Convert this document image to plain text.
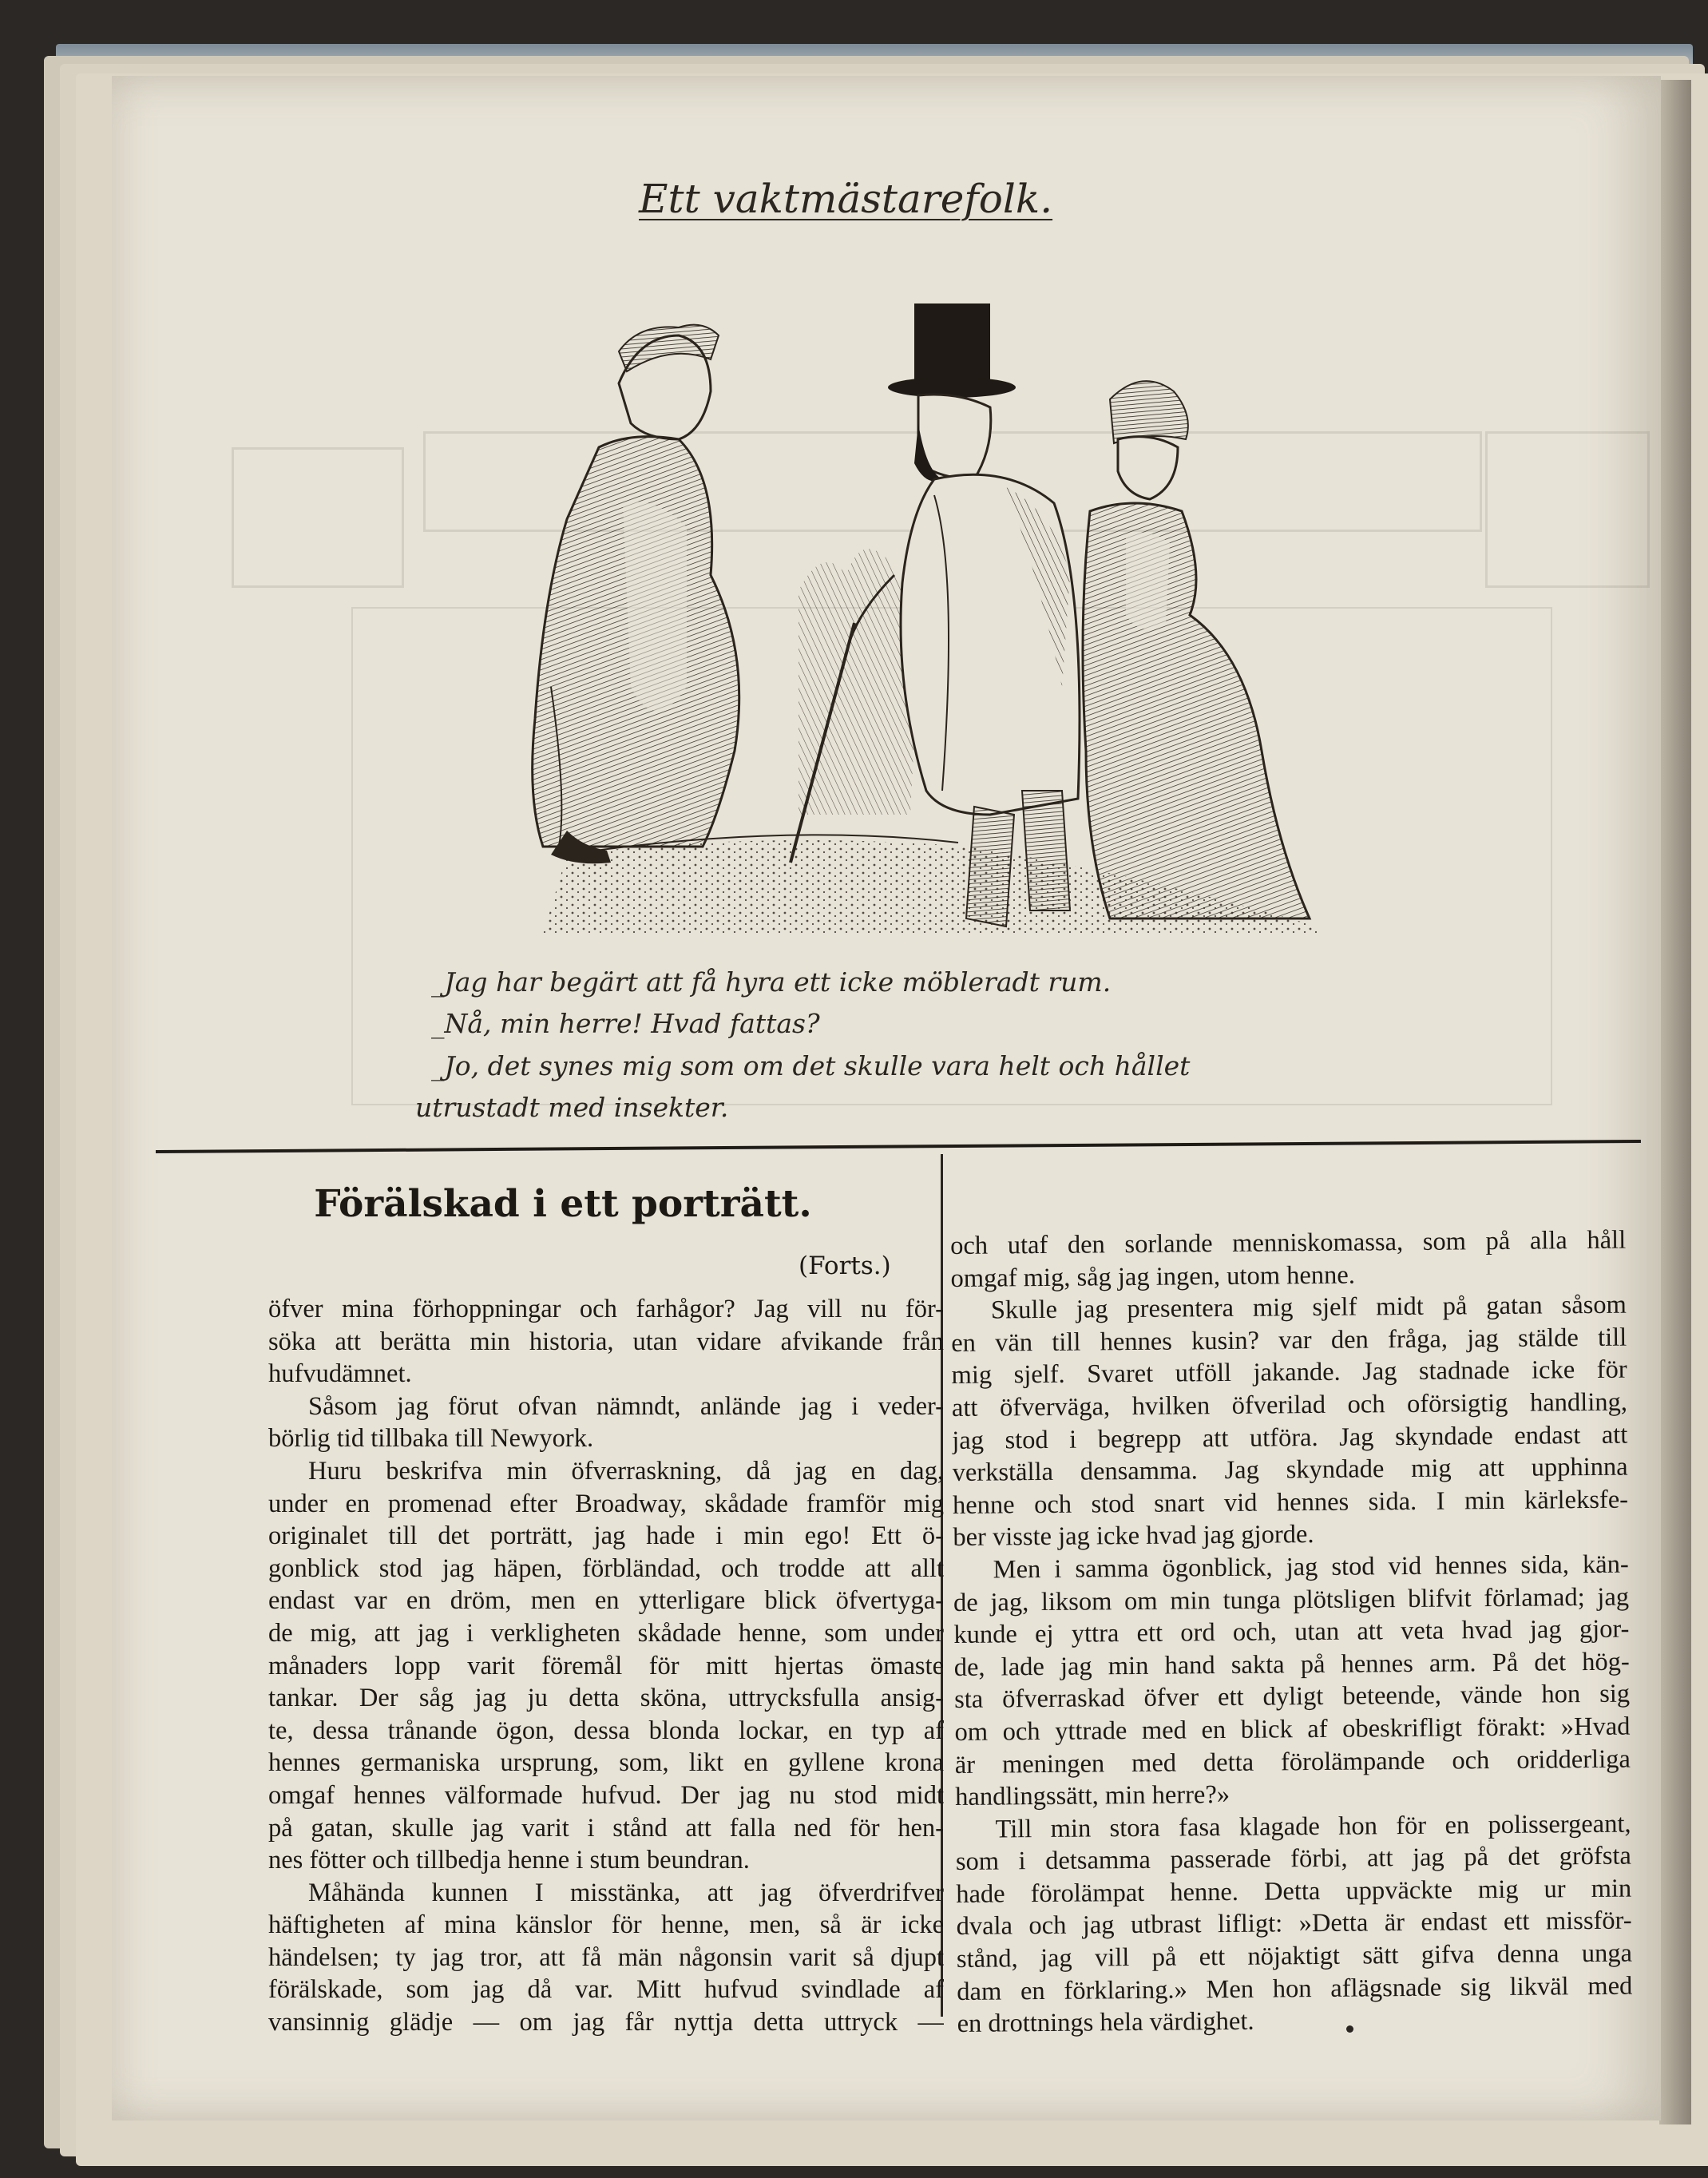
Ett vaktmästarefolk.
_Jag har begärt att få hyra ett icke möbleradt rum.
_Nå, min herre! Hvad fattas?
_Jo, det synes mig som om det skulle vara helt och hållet
utrustadt med insekter.
Förälskad i ett porträtt.
(Forts.)
öfver mina förhoppningar och farhågor? Jag vill nu för-
söka att berätta min historia, utan vidare afvikande från
hufvudämnet.
Såsom jag förut ofvan nämndt, anlände jag i veder-
börlig tid tillbaka till Newyork.
Huru beskrifva min öfverraskning, då jag en dag,
under en promenad efter Broadway, skådade framför mig
originalet till det porträtt, jag hade i min ego! Ett ö-
gonblick stod jag häpen, förbländad, och trodde att allt
endast var en dröm, men en ytterligare blick öfvertyga-
de mig, att jag i verkligheten skådade henne, som under
månaders lopp varit föremål för mitt hjertas ömaste
tankar. Der såg jag ju detta sköna, uttrycksfulla ansig-
te, dessa trånande ögon, dessa blonda lockar, en typ af
hennes germaniska ursprung, som, likt en gyllene krona
omgaf hennes välformade hufvud. Der jag nu stod midt
på gatan, skulle jag varit i stånd att falla ned för hen-
nes fötter och tillbedja henne i stum beundran.
Måhända kunnen I misstänka, att jag öfverdrifver
häftigheten af mina känslor för henne, men, så är icke
händelsen; ty jag tror, att få män någonsin varit så djupt
förälskade, som jag då var. Mitt hufvud svindlade af
vansinnig glädje — om jag får nyttja detta uttryck —
och utaf den sorlande menniskomassa, som på alla håll
omgaf mig, såg jag ingen, utom henne.
Skulle jag presentera mig sjelf midt på gatan såsom
en vän till hennes kusin? var den fråga, jag stälde till
mig sjelf. Svaret utföll jakande. Jag stadnade icke för
att öfverväga, hvilken öfverilad och oförsigtig handling,
jag stod i begrepp att utföra. Jag skyndade endast att
verkställa densamma. Jag skyndade mig att upphinna
henne och stod snart vid hennes sida. I min kärleksfe-
ber visste jag icke hvad jag gjorde.
Men i samma ögonblick, jag stod vid hennes sida, kän-
de jag, liksom om min tunga plötsligen blifvit förlamad; jag
kunde ej yttra ett ord och, utan att veta hvad jag gjor-
de, lade jag min hand sakta på hennes arm. På det hög-
sta öfverraskad öfver ett dyligt beteende, vände hon sig
om och yttrade med en blick af obeskrifligt förakt: »Hvad
är meningen med detta förolämpande och oridderliga
handlingssätt, min herre?»
Till min stora fasa klagade hon för en polissergeant,
som i detsamma passerade förbi, att jag på det gröfsta
hade förolämpat henne. Detta uppväckte mig ur min
dvala och jag utbrast lifligt: »Detta är endast ett missför-
stånd, jag vill på ett nöjaktigt sätt gifva denna unga
dam en förklaring.» Men hon aflägsnade sig likväl med
en drottnings hela värdighet.
